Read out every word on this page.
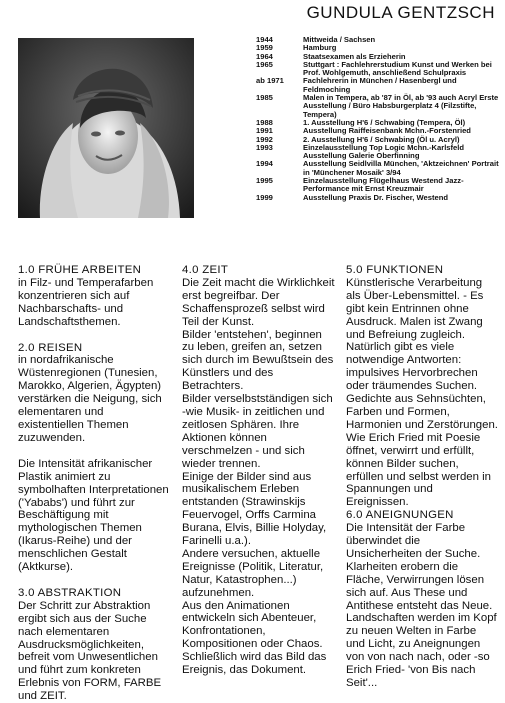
GUNDULA GENTZSCH
1944	Mittweida / Sachsen
1959	Hamburg
1964	Staatsexamen als Erzieherin
1965	Stuttgart : Fachlehrerstudium Kunst und Werken bei Prof. Wohlgemuth, anschließend Schulpraxis
ab 1971	Fachlehrerin in München / Hasenbergl und Feldmoching
1985	Malen in Tempera, ab '87 in Öl, ab '93 auch Acryl Erste Ausstellung / Büro Habsburgerplatz 4 (Filzstifte, Tempera)
1988	1. Ausstellung H'6 / Schwabing (Tempera, Öl)
1991	Ausstellung Raiffeisenbank Mchn.-Forstenried
1992	2. Ausstellung H'6 / Schwabing (Öl u. Acryl)
1993	Einzelausstellung Top Logic Mchn.-Karlsfeld Ausstellung Galerie Oberfinning
1994	Ausstellung Seidlvilla München, 'Aktzeichnen' Portrait in 'Münchener Mosaik' 3/94
1995	Einzelausstellung Flügelhaus Westend Jazz-Performance mit Ernst Kreuzmair
1999	Ausstellung Praxis Dr. Fischer, Westend
1.0 FRÜHE ARBEITEN

in Filz- und Temperafarben konzentrieren sich auf Nachbarschafts- und Landschaftsthemen.

2.0 REISEN

in nordafrikanische Wüstenregionen (Tunesien, Marokko, Algerien, Ägypten) verstärken die Neigung, sich elementaren und existentiellen Themen zuzuwenden.

Die Intensität afrikanischer Plastik animiert zu symbolhaften Interpretationen ('Yababs') und führt zur Beschäftigung mit mythologischen Themen (Ikarus-Reihe) und der menschlichen Gestalt (Aktkurse).

3.0 ABSTRAKTION

Der Schritt zur Abstraktion ergibt sich aus der Suche nach elementaren Ausdrucksmöglichkeiten, befreit vom Unwesentlichen und führt zum konkreten Erlebnis von FORM, FARBE und ZEIT.

4.0 ZEIT

Die Zeit macht die Wirklichkeit erst begreifbar. Der Schaffensprozeß selbst wird Teil der Kunst.

Bilder 'entstehen', beginnen zu leben, greifen an, setzen sich durch im Bewußtsein des Künstlers und des Betrachters.

Bilder verselbstständigen sich -wie Musik- in zeitlichen und zeitlosen Sphären. Ihre Aktionen können verschmelzen - und sich wieder trennen.

Einige der Bilder sind aus musikalischem Erleben entstanden (Strawinskijs Feuervogel, Orffs Carmina Burana, Elvis, Billie Holyday, Farinelli u.a.).

Andere versuchen, aktuelle Ereignisse (Politik, Literatur, Natur, Katastrophen...) aufzunehmen.

Aus den Animationen entwickeln sich Abenteuer, Konfrontationen, Kompositionen oder Chaos. Schließlich wird das Bild das Ereignis, das Dokument.

5.0 FUNKTIONEN

Künstlerische Verarbeitung als Über-Lebensmittel. - Es gibt kein Entrinnen ohne Ausdruck. Malen ist Zwang und Befreiung zugleich. Natürlich gibt es viele notwendige Antworten: impulsives Hervorbrechen oder träumendes Suchen. Gedichte aus Sehnsüchten, Farben und Formen, Harmonien und Zerstörungen. Wie Erich Fried mit Poesie öffnet, verwirrt und erfüllt, können Bilder suchen, erfüllen und selbst werden in Spannungen und Ereignissen.

6.0 ANEIGNUNGEN

Die Intensität der Farbe überwindet die Unsicherheiten der Suche. Klarheiten erobern die Fläche, Verwirrungen lösen sich auf. Aus These und Antithese entsteht das Neue. Landschaften werden im Kopf zu neuen Welten in Farbe und Licht, zu Aneignungen von von nach nach, oder -so Erich Fried- 'von Bis nach Seit'...
